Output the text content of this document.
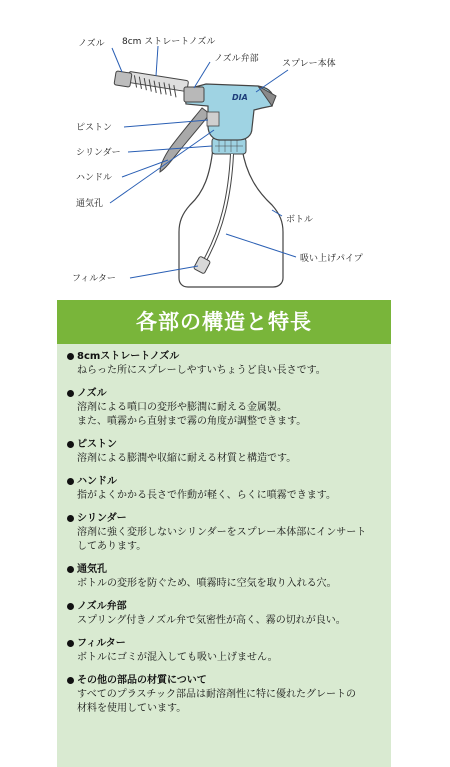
DIA
ノズル 8cm ストレートノズル
ノズル弁部	スプレー本体
ピストン
シリンダー
ハンドル
通気孔
ボトル
吸い上げパイプ
フィルター
各部の構造と特長
8cmストレートノズル
ねらった所にスプレーしやすいちょうど良い長さです。
ノズル
溶剤による噴口の変形や膨潤に耐える金属製。
また、噴霧から直射まで霧の角度が調整できます。
ピストン
溶剤による膨潤や収縮に耐える材質と構造です。
ハンドル
指がよくかかる長さで作動が軽く、らくに噴霧できます。
シリンダー
溶剤に強く変形しないシリンダーをスプレー本体部にインサート
してあります。
通気孔
ボトルの変形を防ぐため、噴霧時に空気を取り入れる穴。
ノズル弁部
スプリング付きノズル弁で気密性が高く、霧の切れが良い。
フィルター
ボトルにゴミが混入しても吸い上げません。
その他の部品の材質について
すべてのプラスチック部品は耐溶剤性に特に優れたグレートの
材料を使用しています。
